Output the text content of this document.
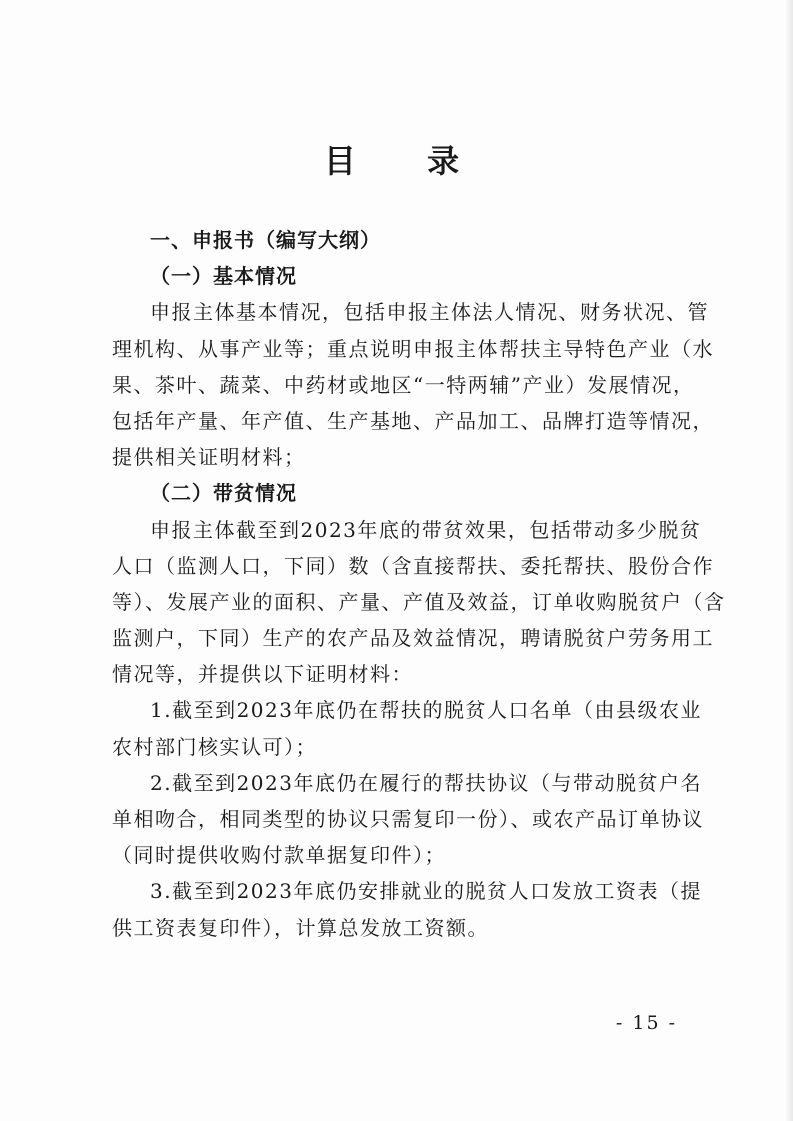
目 录
一、申报书（编写大纲）
（一）基本情况
申报主体基本情况，包括申报主体法人情况、财务状况、管
理机构、从事产业等；重点说明申报主体帮扶主导特色产业（水
果、茶叶、蔬菜、中药材或地区“一特两辅”产业）发展情况，
包括年产量、年产值、生产基地、产品加工、品牌打造等情况，
提供相关证明材料；
（二）带贫情况
申报主体截至到2023年底的带贫效果，包括带动多少脱贫
人口（监测人口，下同）数（含直接帮扶、委托帮扶、股份合作
等）、发展产业的面积、产量、产值及效益，订单收购脱贫户（含
监测户，下同）生产的农产品及效益情况，聘请脱贫户劳务用工
情况等，并提供以下证明材料：
1.截至到2023年底仍在帮扶的脱贫人口名单（由县级农业
农村部门核实认可）；
2.截至到2023年底仍在履行的帮扶协议（与带动脱贫户名
单相吻合，相同类型的协议只需复印一份）、或农产品订单协议
（同时提供收购付款单据复印件）；
3.截至到2023年底仍安排就业的脱贫人口发放工资表（提
供工资表复印件），计算总发放工资额。
- 15 -
